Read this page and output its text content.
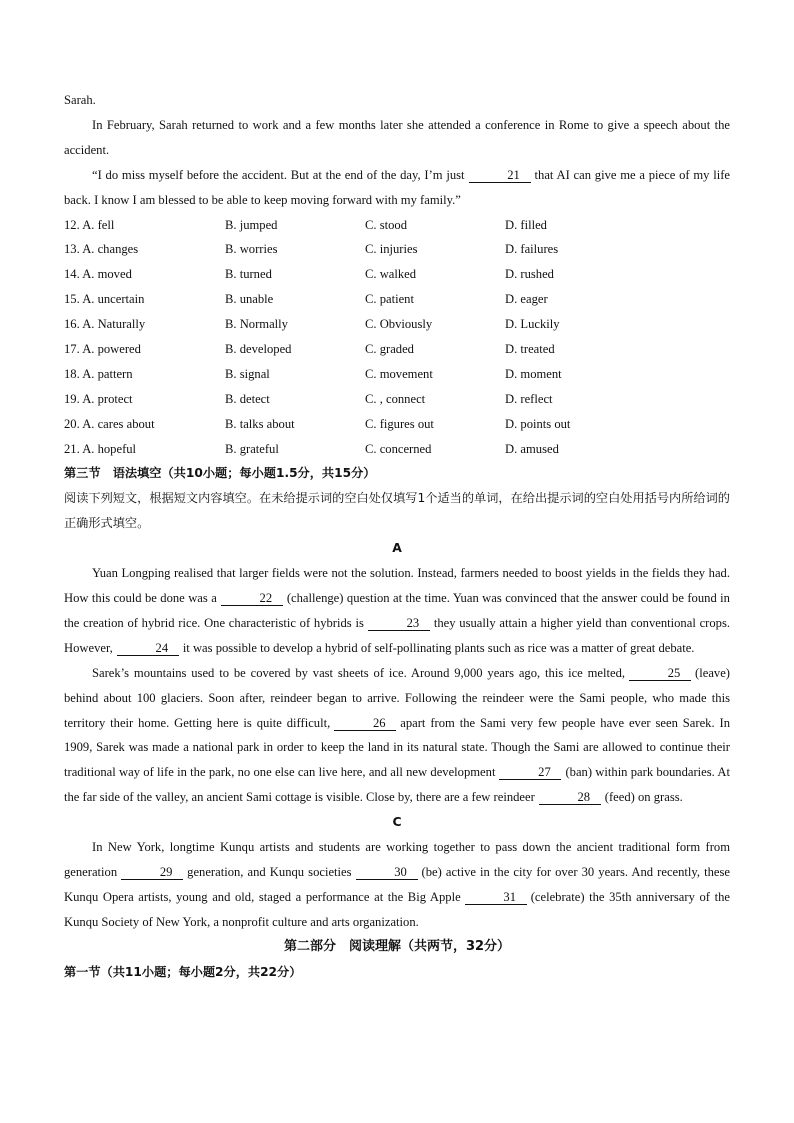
Sarah.

In February, Sarah returned to work and a few months later she attended a conference in Rome to give a speech about the accident.

“I do miss myself before the accident. But at the end of the day, I’m just	21 that AI can give me a piece of my life back. I know I am blessed to be able to keep moving forward with my family.”

12. A. fell	B. jumped	C. stood	D. filled
13. A. changes	B. worries	C. injuries	D. failures
14. A. moved	B. turned	C. walked	D. rushed
15. A. uncertain	B. unable	C. patient	D. eager
16. A. Naturally	B. Normally	C. Obviously	D. Luckily
17. A. powered	B. developed	C. graded	D. treated
18. A. pattern	B. signal	C. movement	D. moment
19. A. protect	B. detect	C. , connect	D. reflect
20. A. cares about	B. talks about	C. figures out	D. points out
21. A. hopeful	B. grateful	C. concerned	D. amused
第三节　语法填空（共10小题；每小题1.5分，共15分）
阅读下列短文，根据短文内容填空。在未给提示词的空白处仅填写1个适当的单词，在给出提示词的空白处用括号内所给词的正确形式填空。
A

Yuan Longping realised that larger fields were not the solution. Instead, farmers needed to boost yields in the fields they had. How this could be done was a	22 (challenge) question at the time. Yuan was convinced that the answer could be found in the creation of hybrid rice. One characteristic of hybrids is	23 they usually attain a higher yield than conventional crops. However,	24 it was possible to develop a hybrid of self-pollinating plants such as rice was a matter of great debate.

Sarek’s mountains used to be covered by vast sheets of ice. Around 9,000 years ago, this ice melted,	25 (leave) behind about 100 glaciers. Soon after, reindeer began to arrive. Following the reindeer were the Sami people, who made this territory their home. Getting here is quite difficult,	26 apart from the Sami very few people have ever seen Sarek. In 1909, Sarek was made a national park in order to keep the land in its natural state. Though the Sami are allowed to continue their traditional way of life in the park, no one else can live here, and all new development	27 (ban) within park boundaries. At the far side of the valley, an ancient Sami cottage is visible. Close by, there are a few reindeer	28 (feed) on grass.

C

In New York, longtime Kunqu artists and students are working together to pass down the ancient traditional form from generation	29 generation, and Kunqu societies	30 (be) active in the city for over 30 years. And recently, these Kunqu Opera artists, young and old, staged a performance at the Big Apple	31 (celebrate) the 35th anniversary of the Kunqu Society of New York, a nonprofit culture and arts organization.

第二部分　阅读理解（共两节，32分）
第一节（共11小题；每小题2分，共22分）
